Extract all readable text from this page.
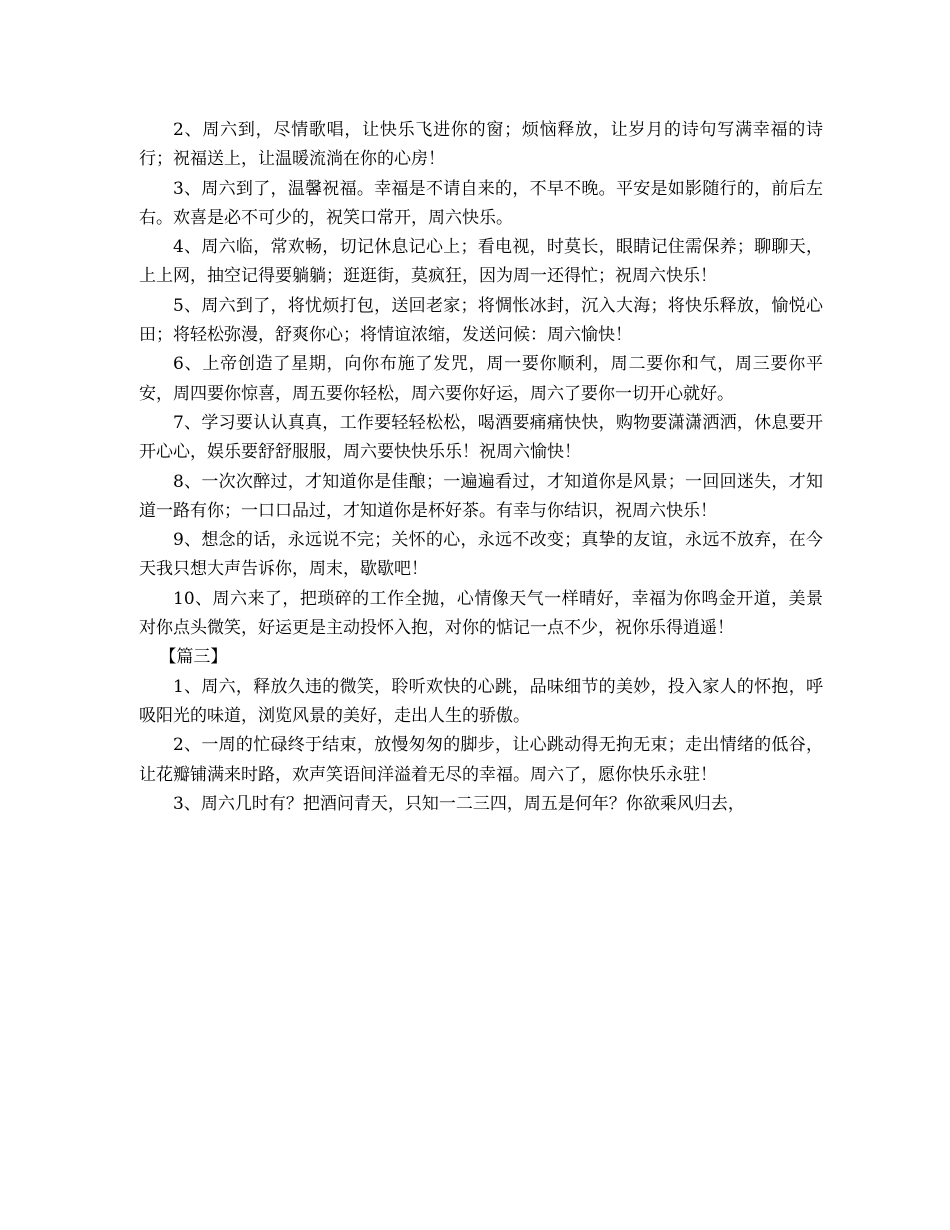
2、周六到，尽情歌唱，让快乐飞进你的窗；烦恼释放，让岁月的诗句写满幸福的诗行；祝福送上，让温暖流淌在你的心房！

3、周六到了，温馨祝福。幸福是不请自来的，不早不晚。平安是如影随行的，前后左右。欢喜是必不可少的，祝笑口常开，周六快乐。

4、周六临，常欢畅，切记休息记心上；看电视，时莫长，眼睛记住需保养；聊聊天，上上网，抽空记得要躺躺；逛逛街，莫疯狂，因为周一还得忙；祝周六快乐！

5、周六到了，将忧烦打包，送回老家；将惆怅冰封，沉入大海；将快乐释放，愉悦心田；将轻松弥漫，舒爽你心；将情谊浓缩，发送问候：周六愉快！

6、上帝创造了星期，向你布施了发咒，周一要你顺利，周二要你和气，周三要你平安，周四要你惊喜，周五要你轻松，周六要你好运，周六了要你一切开心就好。

7、学习要认认真真，工作要轻轻松松，喝酒要痛痛快快，购物要潇潇洒洒，休息要开开心心，娱乐要舒舒服服，周六要快快乐乐！祝周六愉快！

8、一次次醉过，才知道你是佳酿；一遍遍看过，才知道你是风景；一回回迷失，才知道一路有你；一口口品过，才知道你是杯好茶。有幸与你结识，祝周六快乐！

9、想念的话，永远说不完；关怀的心，永远不改变；真挚的友谊，永远不放弃，在今天我只想大声告诉你，周末，歇歇吧！

10、周六来了，把琐碎的工作全抛，心情像天气一样晴好，幸福为你鸣金开道，美景对你点头微笑，好运更是主动投怀入抱，对你的惦记一点不少，祝你乐得逍遥！

【篇三】

1、周六，释放久违的微笑，聆听欢快的心跳，品味细节的美妙，投入家人的怀抱，呼吸阳光的味道，浏览风景的美好，走出人生的骄傲。

2、一周的忙碌终于结束，放慢匆匆的脚步，让心跳动得无拘无束；走出情绪的低谷，让花瓣铺满来时路，欢声笑语间洋溢着无尽的幸福。周六了，愿你快乐永驻！

3、周六几时有？把酒问青天，只知一二三四，周五是何年？你欲乘风归去，
